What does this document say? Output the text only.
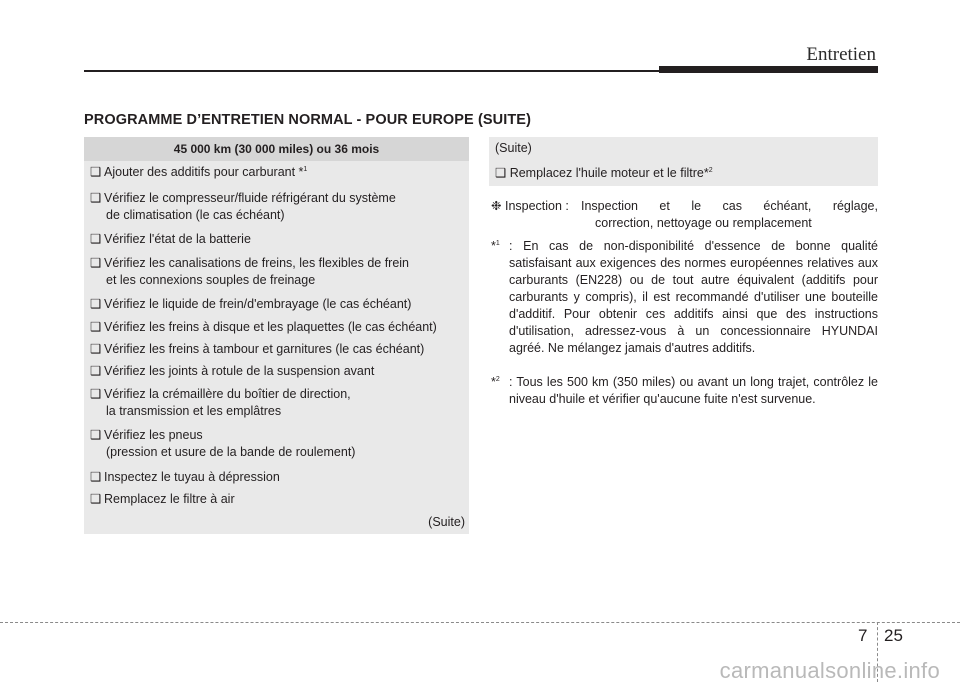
Entretien
PROGRAMME D’ENTRETIEN NORMAL - POUR EUROPE (SUITE)
45 000 km (30 000 miles) ou 36 mois
❑ Ajouter des additifs pour carburant *$^1$
❑ Vérifiez le compresseur/fluide réfrigérant du système
de climatisation (le cas échéant)
❑ Vérifiez l'état de la batterie
❑ Vérifiez les canalisations de freins, les flexibles de frein
et les connexions souples de freinage
❑ Vérifiez le liquide de frein/d'embrayage (le cas échéant)
❑ Vérifiez les freins à disque et les plaquettes (le cas échéant)
❑ Vérifiez les freins à tambour et garnitures (le cas échéant)
❑ Vérifiez les joints à rotule de la suspension avant
❑ Vérifiez la crémaillère du boîtier de direction,
la transmission et les emplâtres
❑ Vérifiez les pneus
(pression et usure de la bande de roulement)
❑ Inspectez le tuyau à dépression
❑ Remplacez le filtre à air
(Suite)
(Suite)
❑ Remplacez l'huile moteur et le filtre*$^2$
❉ Inspection : Inspection et le cas échéant, réglage,
correction, nettoyage ou remplacement
*$^1$ : En cas de non-disponibilité d'essence de bonne qualité satisfaisant aux exigences des normes européennes relatives aux carburants (EN228) ou de tout autre équivalent (additifs pour carburants y compris), il est recommandé d'utiliser une bouteille d'additif. Pour obtenir ces additifs ainsi que des instructions d'utilisation, adressez-vous à un concessionnaire HYUNDAI agréé. Ne mélangez jamais d'autres additifs.
*$^2$ : Tous les 500 km (350 miles) ou avant un long trajet, contrôlez le niveau d'huile et vérifier qu'aucune fuite n'est survenue.
7 25
carmanualsonline.info
